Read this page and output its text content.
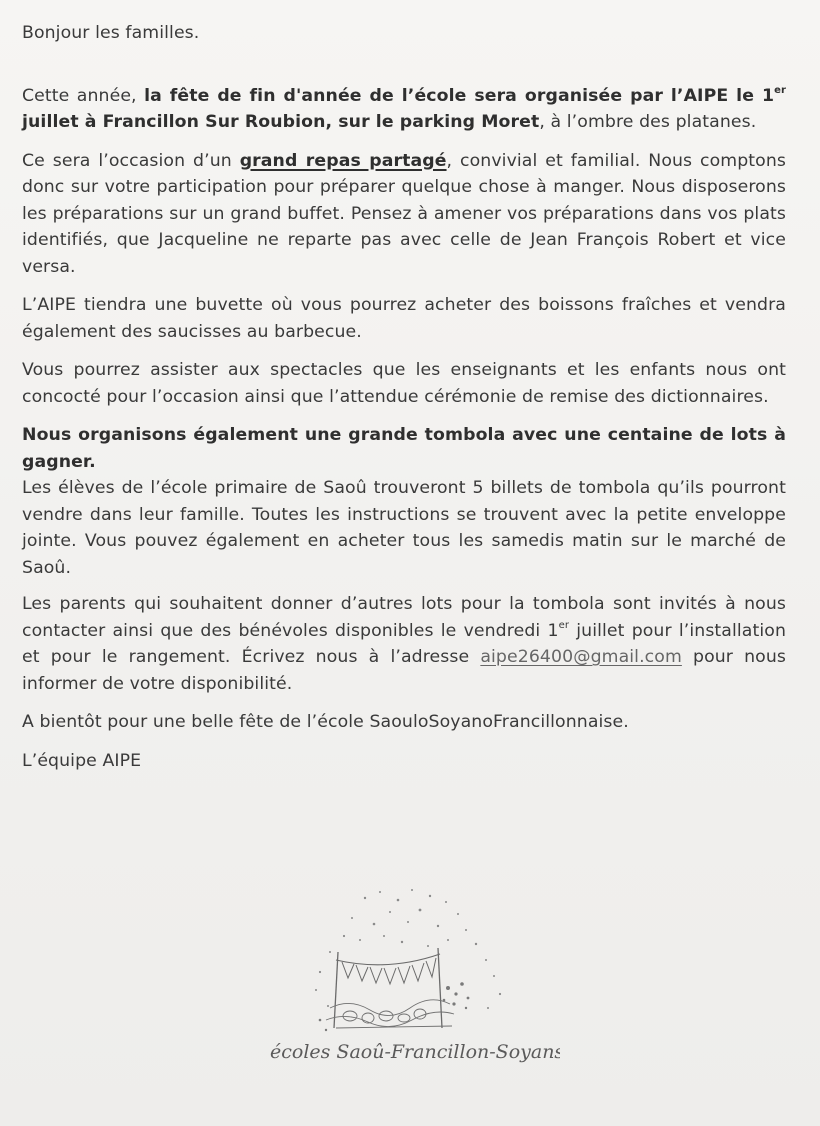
Bonjour les familles.

Cette année, la fête de fin d'année de l’école sera organisée par l’AIPE le 1er juillet à Francillon Sur Roubion, sur le parking Moret, à l’ombre des platanes.

Ce sera l’occasion d’un grand repas partagé, convivial et familial. Nous comptons donc sur votre participation pour préparer quelque chose à manger. Nous disposerons les préparations sur un grand buffet. Pensez à amener vos préparations dans vos plats identifiés, que Jacqueline ne reparte pas avec celle de Jean François Robert et vice versa.

L’AIPE tiendra une buvette où vous pourrez acheter des boissons fraîches et vendra également des saucisses au barbecue.

Vous pourrez assister aux spectacles que les enseignants et les enfants nous ont concocté pour l’occasion ainsi que l’attendue cérémonie de remise des dictionnaires.

Nous organisons également une grande tombola avec une centaine de lots à gagner.
Les élèves de l’école primaire de Saoû trouveront 5 billets de tombola qu’ils pourront vendre dans leur famille. Toutes les instructions se trouvent avec la petite enveloppe jointe. Vous pouvez également en acheter tous les samedis matin sur le marché de Saoû.

Les parents qui souhaitent donner d’autres lots pour la tombola sont invités à nous contacter ainsi que des bénévoles disponibles le vendredi 1er juillet pour l’installation et pour le rangement. Écrivez nous à l’adresse aipe26400@gmail.com pour nous informer de votre disponibilité.

A bientôt pour une belle fête de l’école SaouloSoyanoFrancillonnaise.

L’équipe AIPE

écoles Saoû-Francillon-Soyans
